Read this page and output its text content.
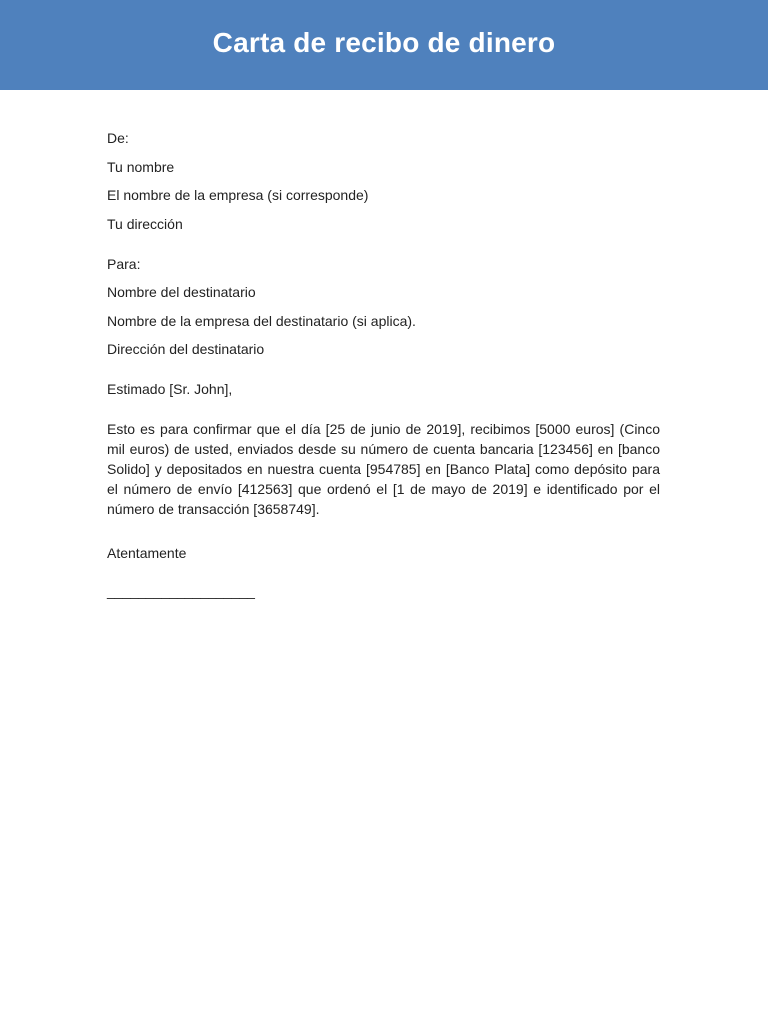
Carta de recibo de dinero
De:
Tu nombre
El nombre de la empresa (si corresponde)
Tu dirección
Para:
Nombre del destinatario
Nombre de la empresa del destinatario (si aplica).
Dirección del destinatario
Estimado [Sr. John],
Esto es para confirmar que el día [25 de junio de 2019], recibimos [5000 euros] (Cinco mil euros) de usted, enviados desde su número de cuenta bancaria [123456] en [banco Solido] y depositados en nuestra cuenta [954785] en [Banco Plata] como depósito para el número de envío [412563] que ordenó el [1 de mayo de 2019] e identificado por el número de transacción [3658749].
Atentamente
___________________
